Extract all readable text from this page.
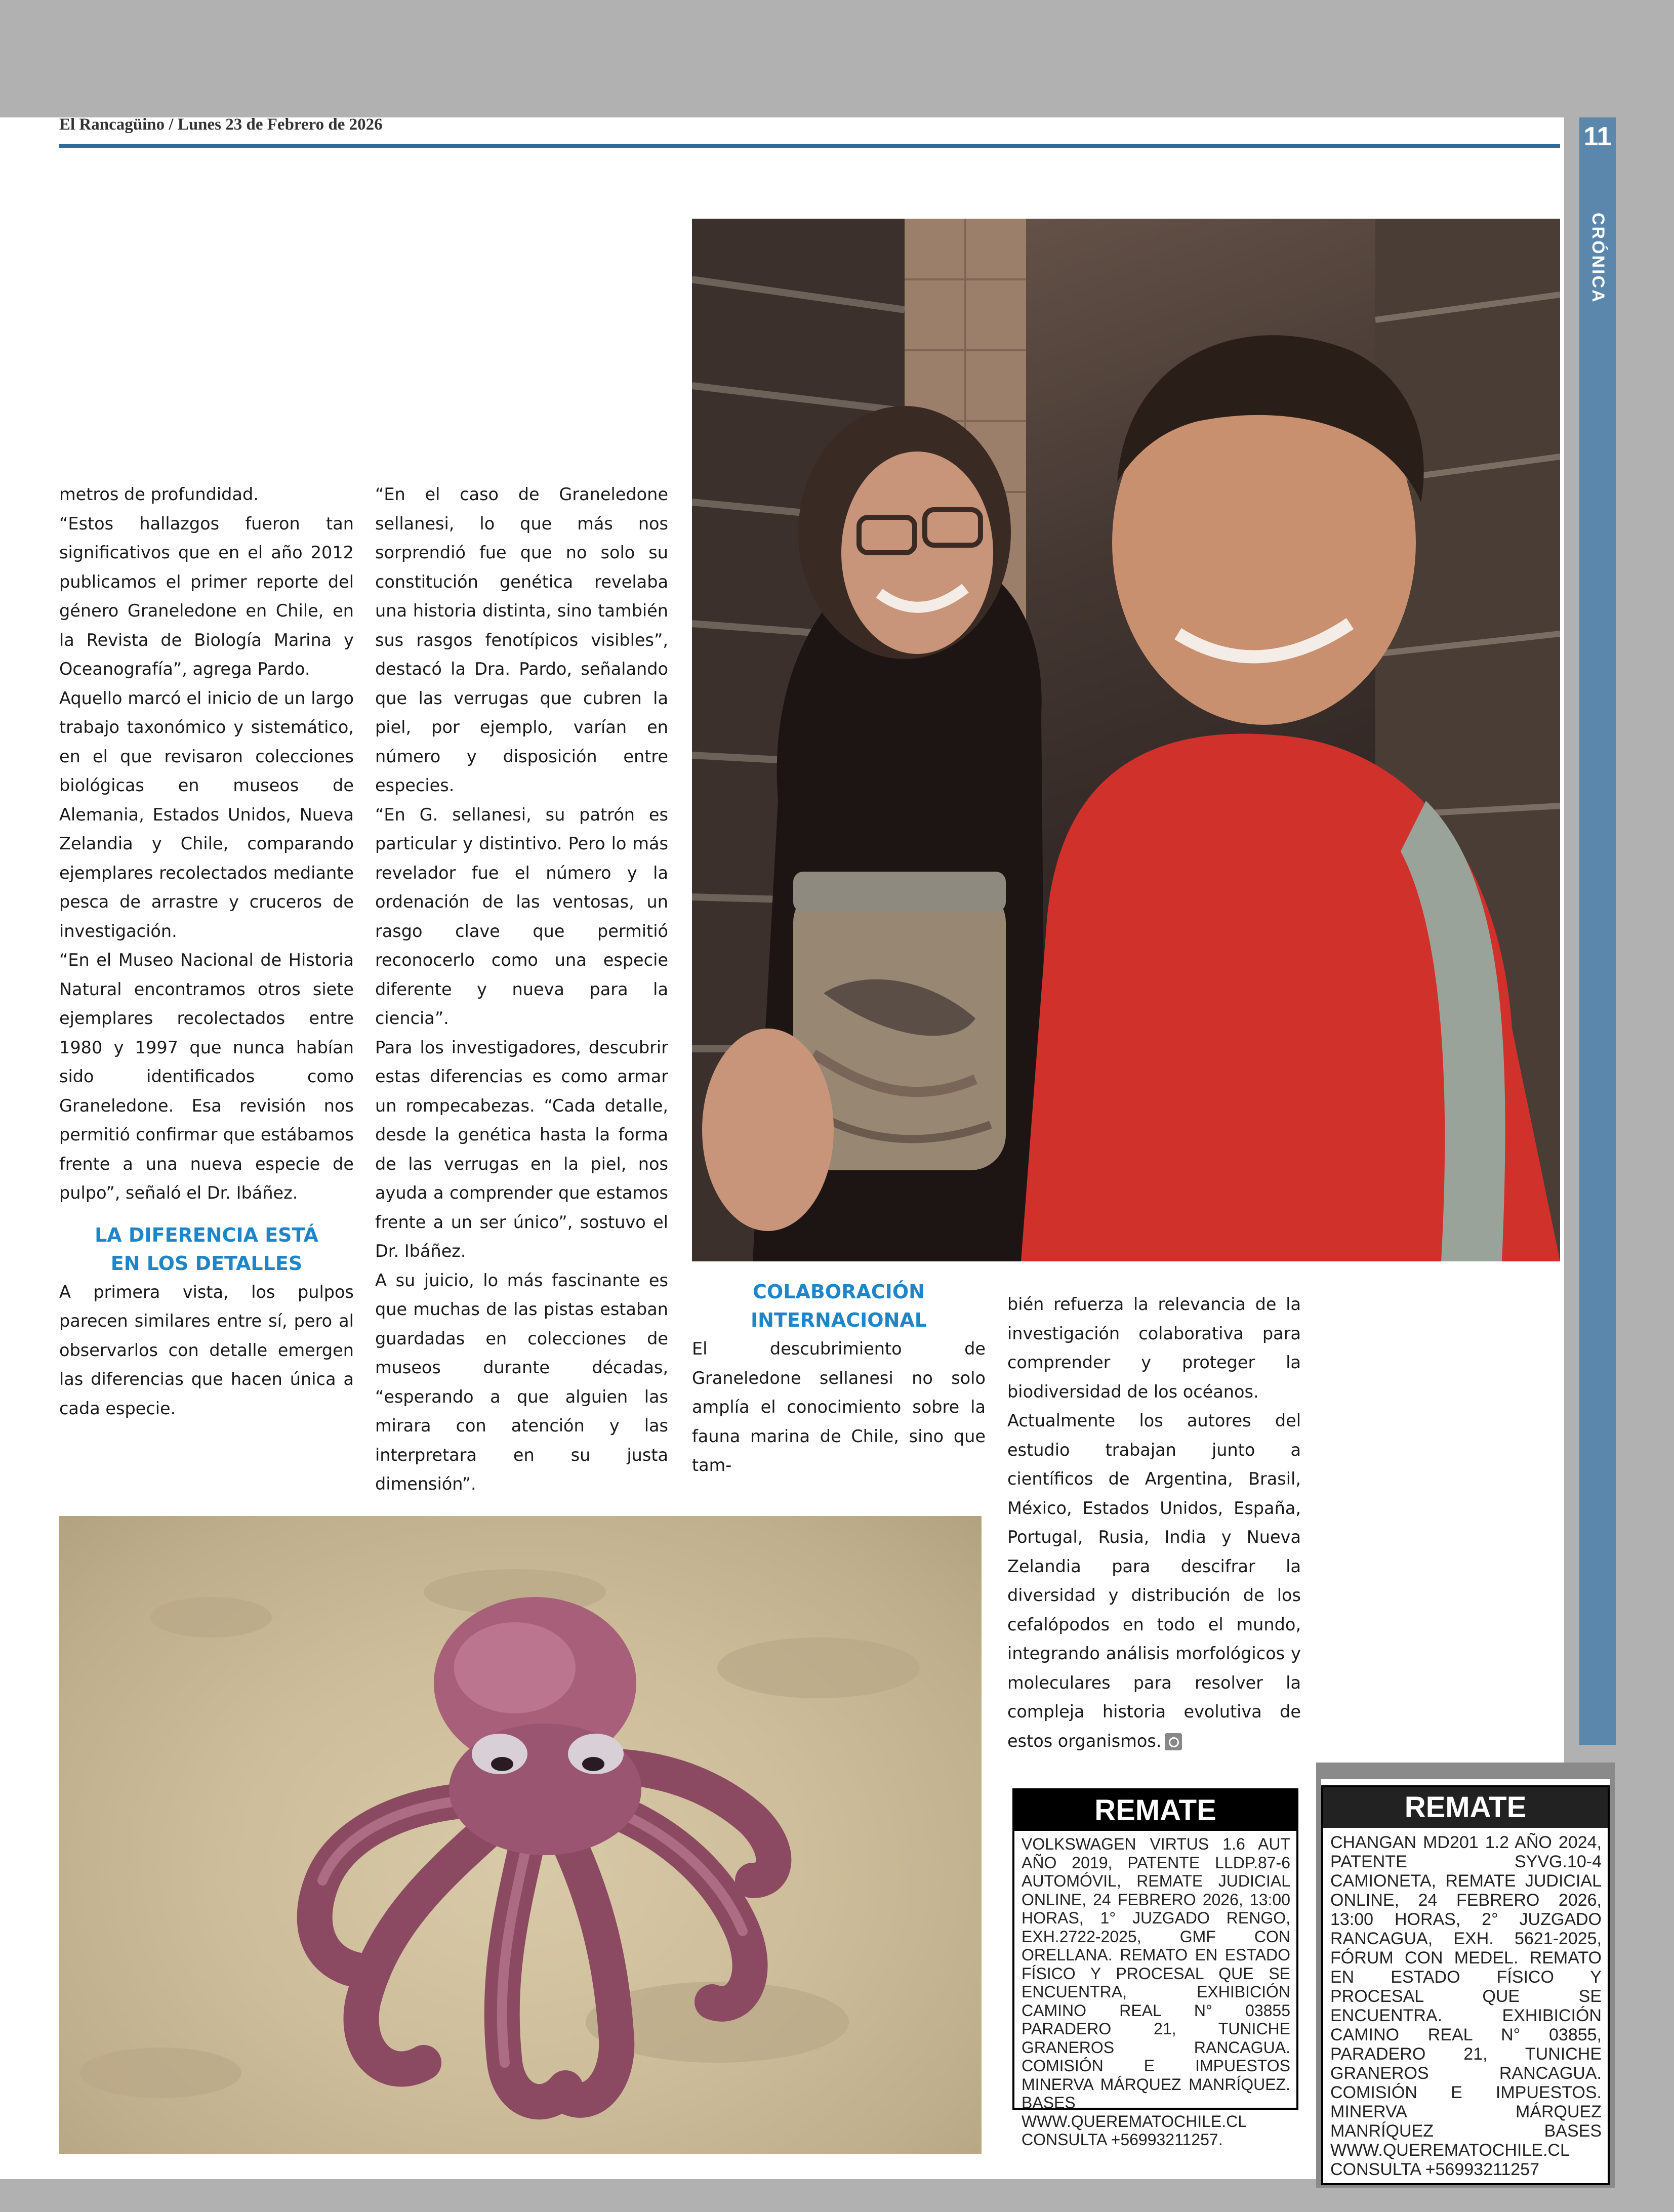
El Rancagüino / Lunes 23 de Febrero de 2026	11
CRÓNICA

metros de profundidad.

“Estos hallazgos fueron tan significativos que en el año 2012 publicamos el primer reporte del género Graneledone en Chile, en la Revista de Biología Marina y Oceanografía”, agrega Pardo.

Aquello marcó el inicio de un largo trabajo taxonómico y sistemático, en el que revisaron colecciones biológicas en museos de Alemania, Estados Unidos, Nueva Zelandia y Chile, comparando ejemplares recolectados mediante pesca de arrastre y cruceros de investigación.

“En el Museo Nacional de Historia Natural encontramos otros siete ejemplares recolectados entre 1980 y 1997 que nunca habían sido identificados como Graneledone. Esa revisión nos permitió confirmar que estábamos frente a una nueva especie de pulpo”, señaló el Dr. Ibáñez.

LA DIFERENCIA ESTÁ
EN LOS DETALLES

A primera vista, los pulpos parecen similares entre sí, pero al observarlos con detalle emergen las diferencias que hacen única a cada especie.

“En el caso de Graneledone sellanesi, lo que más nos sorprendió fue que no solo su constitución genética revelaba una historia distinta, sino también sus rasgos fenotípicos visibles”, destacó la Dra. Pardo, señalando que las verrugas que cubren la piel, por ejemplo, varían en número y disposición entre especies.

“En G. sellanesi, su patrón es particular y distintivo. Pero lo más revelador fue el número y la ordenación de las ventosas, un rasgo clave que permitió reconocerlo como una especie diferente y nueva para la ciencia”.

Para los investigadores, descubrir estas diferencias es como armar un rompecabezas. “Cada detalle, desde la genética hasta la forma de las verrugas en la piel, nos ayuda a comprender que estamos frente a un ser único”, sostuvo el Dr. Ibáñez.

A su juicio, lo más fascinante es que muchas de las pistas estaban guardadas en colecciones de museos durante décadas, “esperando a que alguien las mirara con atención y las interpretara en su justa dimensión”.

COLABORACIÓN
INTERNACIONAL

El descubrimiento de Graneledone sellanesi no solo amplía el conocimiento sobre la fauna marina de Chile, sino que tam-

bién refuerza la relevancia de la investigación colaborativa para comprender y proteger la biodiversidad de los océanos.

Actualmente los autores del estudio trabajan junto a científicos de Argentina, Brasil, México, Estados Unidos, España, Portugal, Rusia, India y Nueva Zelandia para descifrar la diversidad y distribución de los cefalópodos en todo el mundo, integrando análisis morfológicos y moleculares para resolver la compleja historia evolutiva de estos organismos.

REMATE
VOLKSWAGEN VIRTUS 1.6 AUT AÑO 2019, PATENTE LLDP.87-6 AUTOMÓVIL, REMATE JUDICIAL ONLINE, 24 FEBRERO 2026, 13:00 HORAS, 1° JUZGADO RENGO, EXH.2722-2025, GMF CON ORELLANA. REMATO EN ESTADO FÍSICO Y PROCESAL QUE SE ENCUENTRA, EXHIBICIÓN CAMINO REAL N° 03855 PARADERO 21, TUNICHE GRANEROS RANCAGUA. COMISIÓN E IMPUESTOS MINERVA MÁRQUEZ MANRÍQUEZ. BASES WWW.QUEREMATOCHILE.CL CONSULTA +56993211257.
REMATE
CHANGAN MD201 1.2 AÑO 2024, PATENTE SYVG.10-4 CAMIONETA, REMATE JUDICIAL ONLINE, 24 FEBRERO 2026, 13:00 HORAS, 2° JUZGADO RANCAGUA, EXH. 5621-2025, FÓRUM CON MEDEL. REMATO EN ESTADO FÍSICO Y PROCESAL QUE SE ENCUENTRA. EXHIBICIÓN CAMINO REAL N° 03855, PARADERO 21, TUNICHE GRANEROS RANCAGUA. COMISIÓN E IMPUESTOS. MINERVA MÁRQUEZ MANRÍQUEZ BASES WWW.QUEREMATOCHILE.CL CONSULTA +56993211257
